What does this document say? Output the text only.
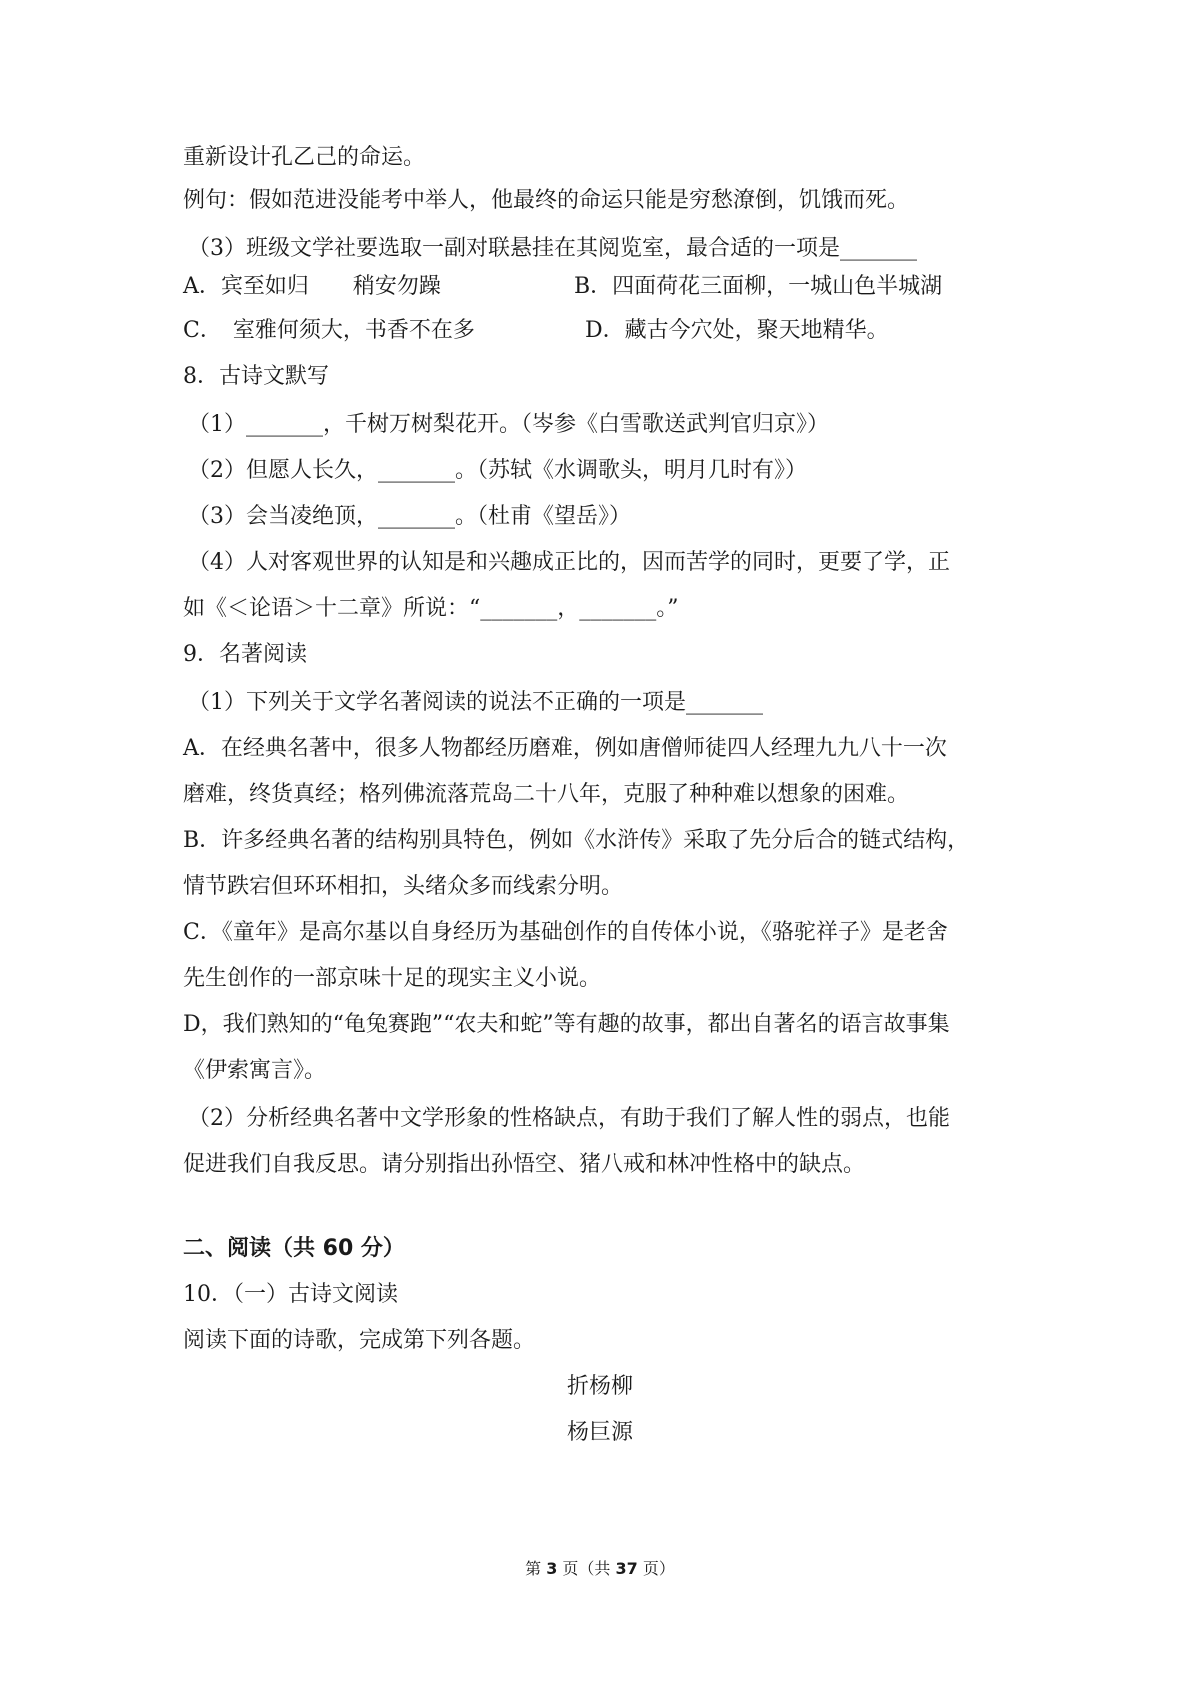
重新设计孔乙己的命运。
例句：假如范进没能考中举人，他最终的命运只能是穷愁潦倒，饥饿而死。
（3）班级文学社要选取一副对联悬挂在其阅览室，最合适的一项是_______
A．宾至如归　　稍安勿躁	B．四面荷花三面柳，一城山色半城湖
C．　室雅何须大，书香不在多	D．藏古今穴处，聚天地精华。
8．古诗文默写
（1）_______，千树万树梨花开。（岑参《白雪歌送武判官归京》）
（2）但愿人长久，_______。（苏轼《水调歌头，明月几时有》）
（3）会当凌绝顶，_______。（杜甫《望岳》）
（4）人对客观世界的认知是和兴趣成正比的，因而苦学的同时，更要了学，正
如《＜论语＞十二章》所说：“_______，_______。”
9．名著阅读
（1）下列关于文学名著阅读的说法不正确的一项是_______
A．在经典名著中，很多人物都经历磨难，例如唐僧师徒四人经理九九八十一次
磨难，终货真经；格列佛流落荒岛二十八年，克服了种种难以想象的困难。
B．许多经典名著的结构别具特色，例如《水浒传》采取了先分后合的链式结构，
情节跌宕但环环相扣，头绪众多而线索分明。
C．《童年》是高尔基以自身经历为基础创作的自传体小说，《骆驼祥子》是老舍
先生创作的一部京味十足的现实主义小说。
D，我们熟知的“龟兔赛跑”“农夫和蛇”等有趣的故事，都出自著名的语言故事集
《伊索寓言》。
（2）分析经典名著中文学形象的性格缺点，有助于我们了解人性的弱点，也能
促进我们自我反思。请分别指出孙悟空、猪八戒和林冲性格中的缺点。
二、阅读（共 60 分）
10．（一）古诗文阅读
阅读下面的诗歌，完成第下列各题。
折杨柳
杨巨源
第 3 页（共 37 页）
